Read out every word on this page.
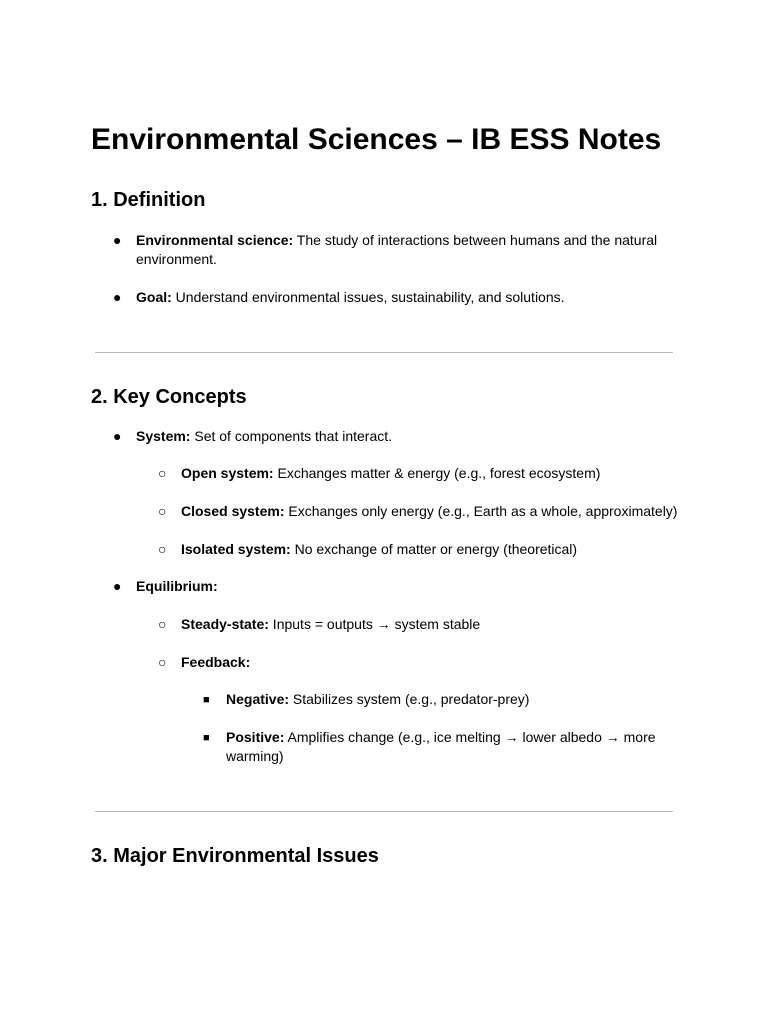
Environmental Sciences – IB ESS Notes
1. Definition
● Environmental science: The study of interactions between humans and the natural environment.

● Goal: Understand environmental issues, sustainability, and solutions.

2. Key Concepts
● System: Set of components that interact.

○ Open system: Exchanges matter & energy (e.g., forest ecosystem)

○ Closed system: Exchanges only energy (e.g., Earth as a whole, approximately)

○ Isolated system: No exchange of matter or energy (theoretical)

● Equilibrium:

○ Steady-state: Inputs = outputs → system stable

○ Feedback:

■ Negative: Stabilizes system (e.g., predator-prey)

■ Positive: Amplifies change (e.g., ice melting → lower albedo → more warming)

3. Major Environmental Issues
